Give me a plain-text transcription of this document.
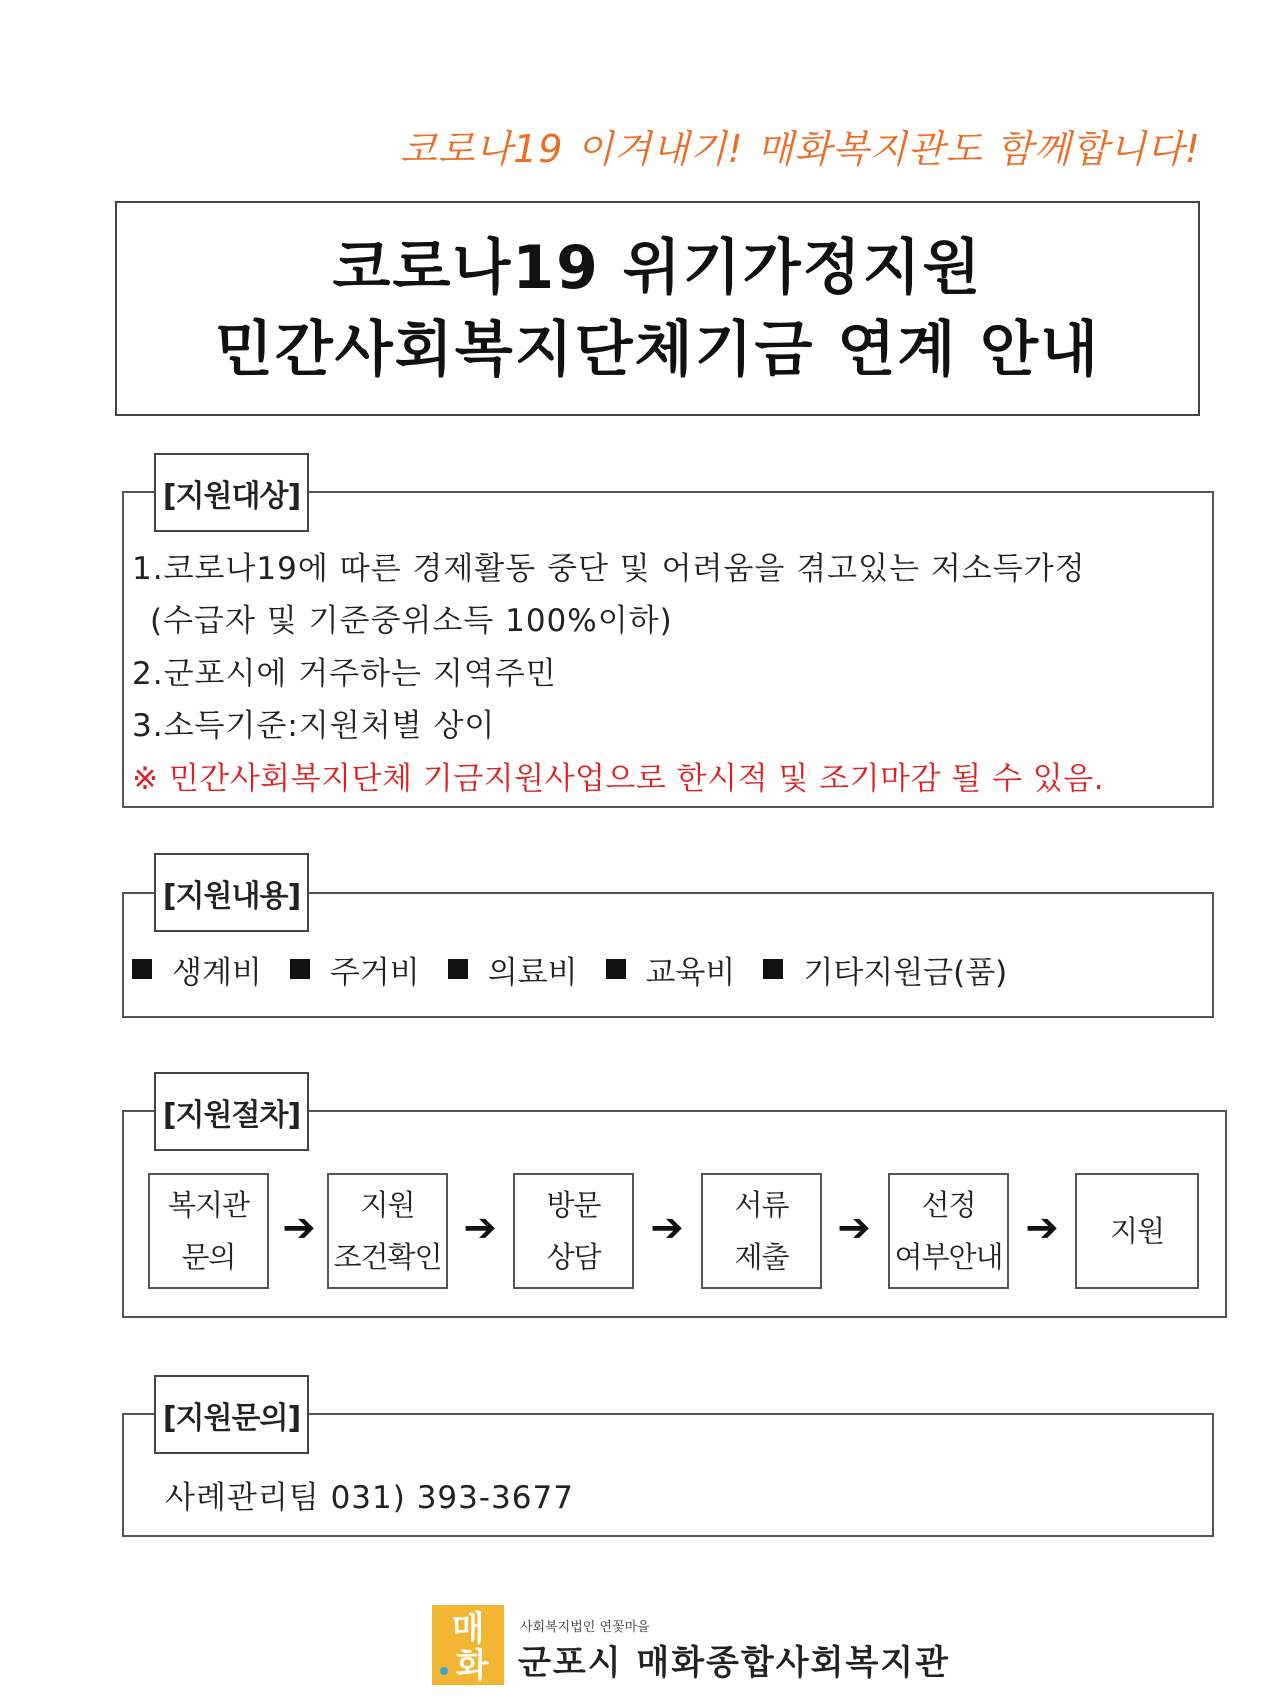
코로나19 이겨내기! 매화복지관도 함께합니다!
코로나19 위기가정지원
민간사회복지단체기금 연계 안내
[지원대상]
1.코로나19에 따른 경제활동 중단 및 어려움을 겪고있는 저소득가정
(수급자 및 기준중위소득 100%이하)
2.군포시에 거주하는 지역주민
3.소득기준:지원처별 상이
※ 민간사회복지단체 기금지원사업으로 한시적 및 조기마감 될 수 있음.
[지원내용]
생계비 주거비 의료비 교육비 기타지원금(품)
[지원절차]
복지관
문의
➔ 지원
조건확인
➔ 방문
상담
➔ 서류
제출
➔ 선정
여부안내
➔ 지원
[지원문의]
사례관리팀 031) 393-3677
매
화
사회복지법인 연꽃마을
군포시 매화종합사회복지관
